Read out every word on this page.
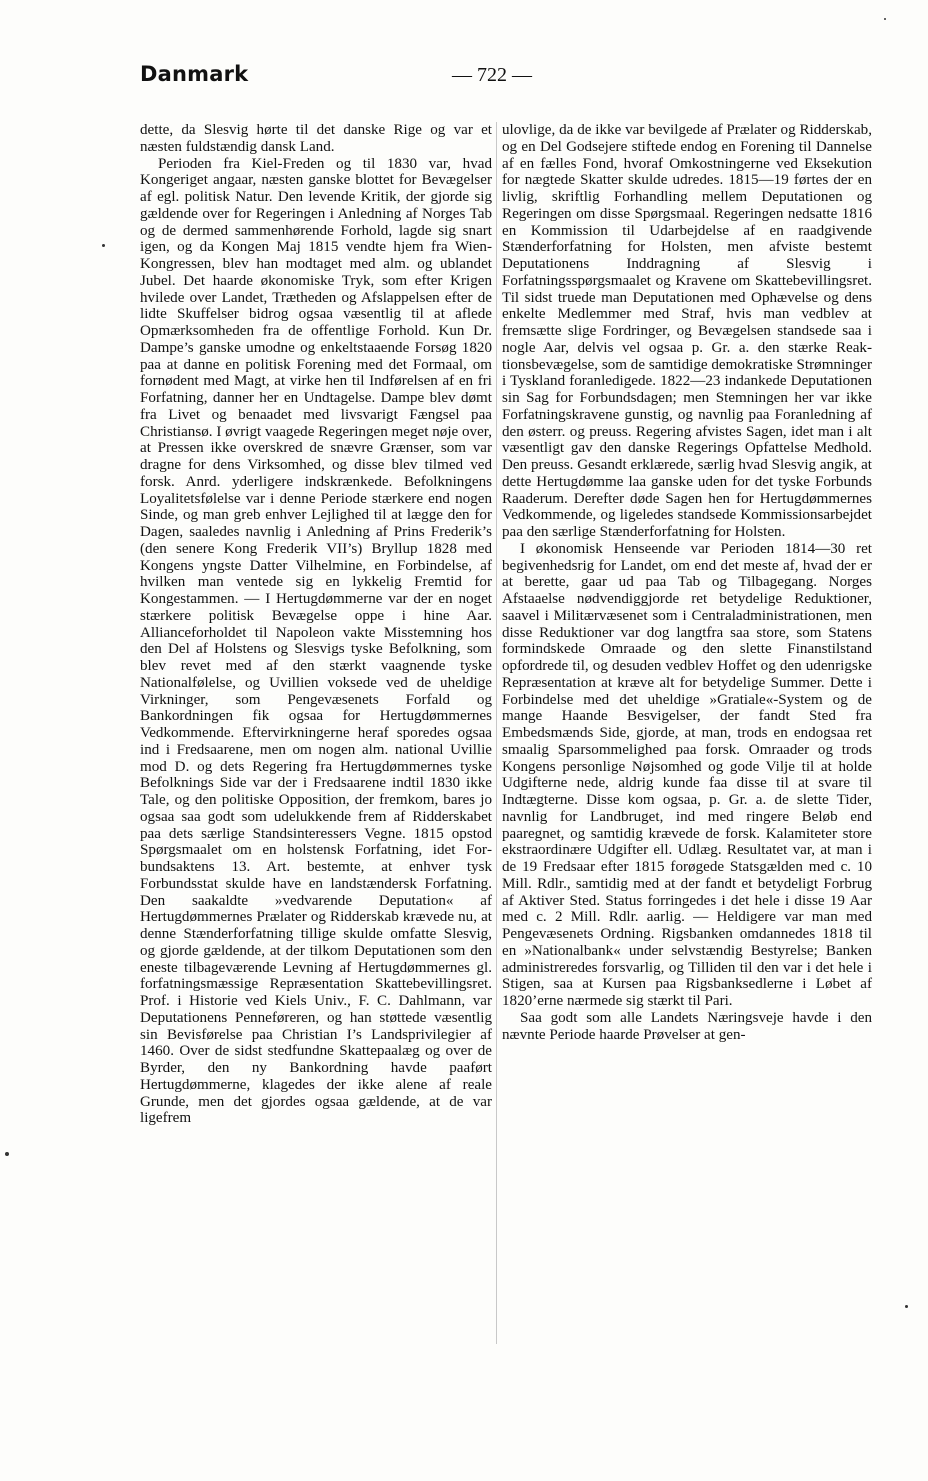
Danmark	— 722 —

dette, da Slesvig hørte til det danske Rige og var et næsten fuldstændig dansk Land.

Perioden fra Kiel-Freden og til 1830 var, hvad Kongeriget angaar, næsten ganske blottet for Bevægelser af egl. politisk Natur. Den levende Kritik, der gjorde sig gældende over for Regeringen i Anledning af Norges Tab og de dermed sammenhørende Forhold, lagde sig snart igen, og da Kongen Maj 1815 vendte hjem fra Wien-Kongressen, blev han modtaget med alm. og ublandet Jubel. Det haarde økonomiske Tryk, som efter Krigen hvilede over Landet, Trætheden og Afslappelsen efter de lidte Skuffelser bidrog ogsaa væsentlig til at aflede Opmærksomheden fra de offentlige Forhold. Kun Dr. Dampe’s ganske umodne og enkeltstaaende Forsøg 1820 paa at danne en politisk Forening med det Formaal, om fornødent med Magt, at virke hen til Indførelsen af en fri Forfatning, danner her en Undtagelse. Dampe blev dømt fra Livet og benaadet med livsvarigt Fængsel paa Christiansø. I øvrigt vaagede Regeringen meget nøje over, at Pressen ikke overskred de snævre Grænser, som var dragne for dens Virksomhed, og disse blev tilmed ved forsk. Anrd. yderligere indskrænkede. Befolkningens Loyalitetsfølelse var i denne Periode stærkere end nogen Sinde, og man greb enhver Lejlighed til at lægge den for Dagen, saaledes navnlig i Anledning af Prins Frederik’s (den senere Kong Frederik VII’s) Bryllup 1828 med Kongens yngste Datter Vilhelmine, en Forbindelse, af hvilken man ventede sig en lykkelig Fremtid for Kongestammen. — I Hertugdømmerne var der en noget stærkere politisk Bevægelse oppe i hine Aar. Allianceforholdet til Napoleon vakte Misstemning hos den Del af Holstens og Slesvigs tyske Befolkning, som blev revet med af den stærkt vaagnende tyske Nationalfølelse, og Uvillien voksede ved de uheldige Virkninger, som Pengevæsenets Forfald og Bankordningen fik ogsaa for Hertugdømmernes Vedkommende. Eftervirkningerne heraf sporedes ogsaa ind i Fredsaarene, men om nogen alm. national Uvillie mod D. og dets Regering fra Hertugdømmernes tyske Befolknings Side var der i Fredsaarene indtil 1830 ikke Tale, og den politiske Opposition, der fremkom, bares jo ogsaa saa godt som udelukkende frem af Ridderskabet paa dets særlige Standsinteressers Vegne. 1815 opstod Spørgsmaalet om en holstensk Forfatning, idet Forbundsaktens 13. Art. bestemte, at enhver tysk Forbundsstat skulde have en landstændersk Forfatning. Den saakaldte »vedvarende Deputation« af Hertugdømmernes Prælater og Ridderskab krævede nu, at denne Stænderforfatning tillige skulde omfatte Slesvig, og gjorde gældende, at der tilkom Deputationen som den eneste tilbageværende Levning af Hertugdømmernes gl. forfatningsmæssige Repræsentation Skattebevillingsret. Prof. i Historie ved Kiels Univ., F. C. Dahlmann, var Deputationens Penneføreren, og han støttede væsentlig sin Bevisførelse paa Christian I’s Landsprivilegier af 1460. Over de sidst stedfundne Skattepaalæg og over de Byrder, den ny Bankordning havde paaført Hertugdømmerne, klagedes der ikke alene af reale Grunde, men det gjordes ogsaa gældende, at de var ligefrem

ulovlige, da de ikke var bevilgede af Prælater og Ridderskab, og en Del Godsejere stiftede endog en Forening til Dannelse af en fælles Fond, hvoraf Omkostningerne ved Eksekution for nægtede Skatter skulde udredes. 1815—19 førtes der en livlig, skriftlig Forhandling mellem Deputationen og Regeringen om disse Spørgsmaal. Regeringen nedsatte 1816 en Kommission til Udarbejdelse af en raadgivende Stænderforfatning for Holsten, men afviste bestemt Deputationens Inddragning af Slesvig i Forfatningsspørgsmaalet og Kravene om Skattebevillingsret. Til sidst truede man Deputationen med Ophævelse og dens enkelte Medlemmer med Straf, hvis man vedblev at fremsætte slige Fordringer, og Bevægelsen standsede saa i nogle Aar, delvis vel ogsaa p. Gr. a. den stærke Reaktionsbevægelse, som de samtidige demokratiske Strømninger i Tyskland foranledigede. 1822—23 indankede Deputationen sin Sag for Forbundsdagen; men Stemningen her var ikke Forfatningskravene gunstig, og navnlig paa Foranledning af den østerr. og preuss. Regering afvistes Sagen, idet man i alt væsentligt gav den danske Regerings Opfattelse Medhold. Den preuss. Gesandt erklærede, særlig hvad Slesvig angik, at dette Hertugdømme laa ganske uden for det tyske Forbunds Raaderum. Derefter døde Sagen hen for Hertugdømmernes Vedkommende, og ligeledes standsede Kommissionsarbejdet paa den særlige Stænderforfatning for Holsten.

I økonomisk Henseende var Perioden 1814—30 ret begivenhedsrig for Landet, om end det meste af, hvad der er at berette, gaar ud paa Tab og Tilbagegang. Norges Afstaaelse nødvendiggjorde ret betydelige Reduktioner, saavel i Militærvæsenet som i Centraladministrationen, men disse Reduktioner var dog langtfra saa store, som Statens formindskede Omraade og den slette Finanstilstand opfordrede til, og desuden vedblev Hoffet og den udenrigske Repræsentation at kræve alt for betydelige Summer. Dette i Forbindelse med det uheldige »Gratiale«-System og de mange Haande Besvigelser, der fandt Sted fra Embedsmænds Side, gjorde, at man, trods en endogsaa ret smaalig Sparsommelighed paa forsk. Omraader og trods Kongens personlige Nøjsomhed og gode Vilje til at holde Udgifterne nede, aldrig kunde faa disse til at svare til Indtægterne. Disse kom ogsaa, p. Gr. a. de slette Tider, navnlig for Landbruget, ind med ringere Beløb end paaregnet, og samtidig krævede de forsk. Kalamiteter store ekstraordinære Udgifter ell. Udlæg. Resultatet var, at man i de 19 Fredsaar efter 1815 forøgede Statsgælden med c. 10 Mill. Rdlr., samtidig med at der fandt et betydeligt Forbrug af Aktiver Sted. Status forringedes i det hele i disse 19 Aar med c. 2 Mill. Rdlr. aarlig. — Heldigere var man med Pengevæsenets Ordning. Rigsbanken omdannedes 1818 til en »Nationalbank« under selvstændig Bestyrelse; Banken administreredes forsvarlig, og Tilliden til den var i det hele i Stigen, saa at Kursen paa Rigsbanksedlerne i Løbet af 1820’erne nærmede sig stærkt til Pari.

Saa godt som alle Landets Næringsveje havde i den nævnte Periode haarde Prøvelser at gen-
